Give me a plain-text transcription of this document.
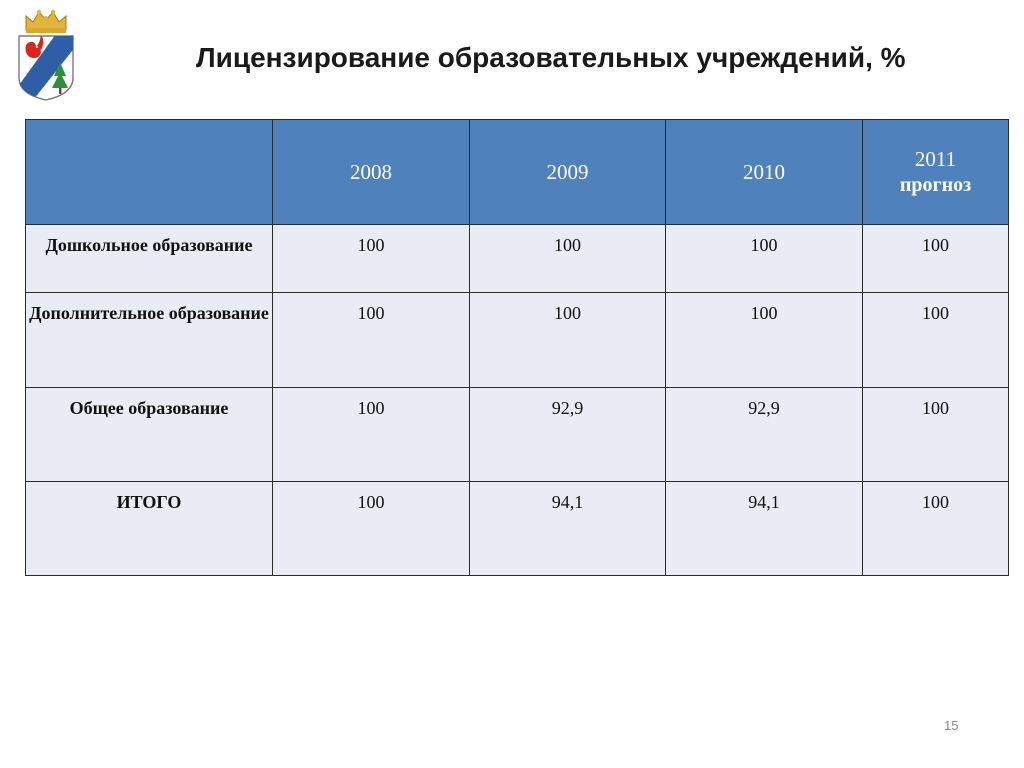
Лицензирование образовательных учреждений, %
	2008	2009	2010	2011
прогноз

Дошкольное образование	100	100	100	100
Дополнительное образование	100	100	100	100
Общее образование	100	92,9	92,9	100
ИТОГО	100	94,1	94,1	100
15
